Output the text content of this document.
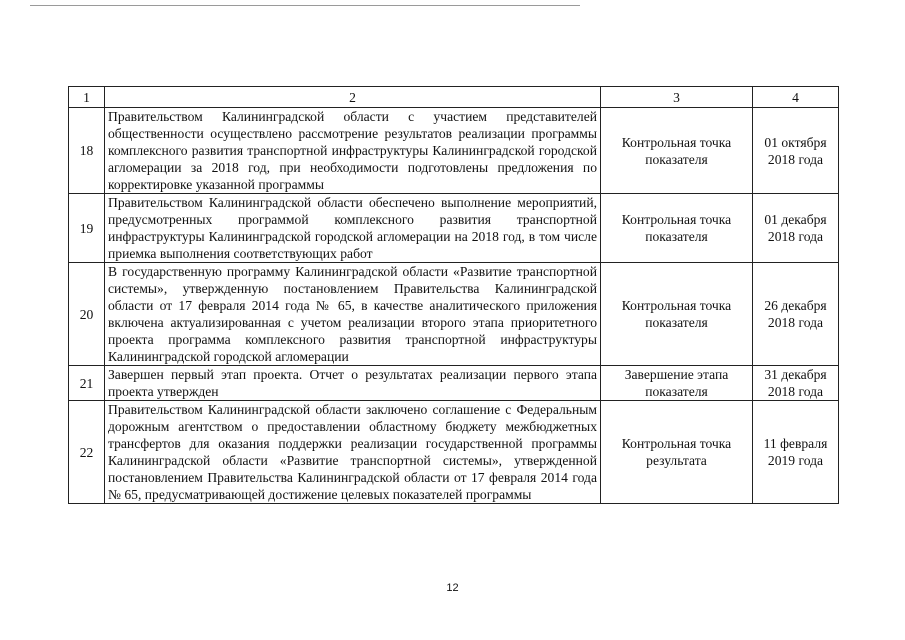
1	2	3	4
18	Правительством Калининградской области с участием представителей общественности осуществлено рассмотрение результатов реализации программы комплексного развития транспортной инфраструктуры Калининградской городской агломерации за 2018 год, при необходимости подготовлены предложения по корректировке указанной программы	Контрольная точка показателя	01 октября 2018 года
19	Правительством Калининградской области обеспечено выполнение мероприятий, предусмотренных программой комплексного развития транспортной инфраструктуры Калининградской городской агломерации на 2018 год, в том числе приемка выполнения соответствующих работ	Контрольная точка показателя	01 декабря 2018 года
20	В государственную программу Калининградской области «Развитие транспортной системы», утвержденную постановлением Правительства Калининградской области от 17 февраля 2014 года № 65, в качестве аналитического приложения включена актуализированная с учетом реализации второго этапа приоритетного проекта программа комплексного развития транспортной инфраструктуры Калининградской городской агломерации	Контрольная точка показателя	26 декабря 2018 года
21	Завершен первый этап проекта. Отчет о результатах реализации первого этапа проекта утвержден	Завершение этапа показателя	31 декабря 2018 года
22	Правительством Калининградской области заключено соглашение с Федеральным дорожным агентством о предоставлении областному бюджету межбюджетных трансфертов для оказания поддержки реализации государственной программы Калининградской области «Развитие транспортной системы», утвержденной постановлением Правительства Калининградской области от 17 февраля 2014 года № 65, предусматривающей достижение целевых показателей программы	Контрольная точка результата	11 февраля 2019 года
12
